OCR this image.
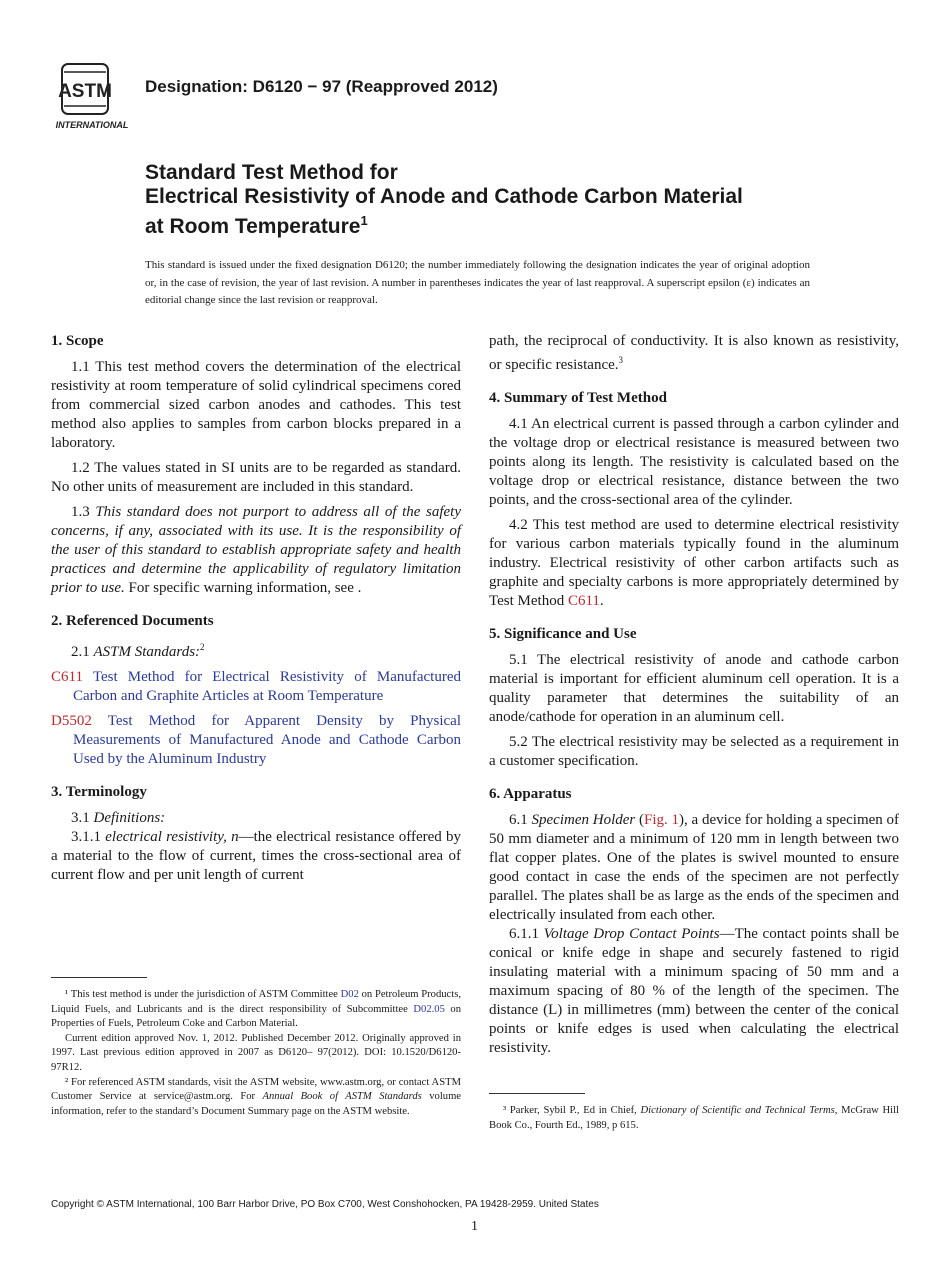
ASTM
INTERNATIONAL
Designation: D6120 − 97 (Reapproved 2012)
Standard Test Method for
Electrical Resistivity of Anode and Cathode Carbon Material
at Room Temperature$^1$
This standard is issued under the fixed designation D6120; the number immediately following the designation indicates the year of original adoption or, in the case of revision, the year of last revision. A number in parentheses indicates the year of last reapproval. A superscript epsilon (ε) indicates an editorial change since the last revision or reapproval.
1. Scope

1.1 This test method covers the determination of the electrical resistivity at room temperature of solid cylindrical specimens cored from commercial sized carbon anodes and cathodes. This test method also applies to samples from carbon blocks prepared in a laboratory.

1.2 The values stated in SI units are to be regarded as standard. No other units of measurement are included in this standard.

1.3 This standard does not purport to address all of the safety concerns, if any, associated with its use. It is the responsibility of the user of this standard to establish appropriate safety and health practices and determine the applicability of regulatory limitation prior to use. For specific warning information, see .

2. Referenced Documents

2.1 ASTM Standards:$^2$

C611 Test Method for Electrical Resistivity of Manufactured Carbon and Graphite Articles at Room Temperature

D5502 Test Method for Apparent Density by Physical Measurements of Manufactured Anode and Cathode Carbon Used by the Aluminum Industry

3. Terminology

3.1 Definitions:

3.1.1 electrical resistivity, n—the electrical resistance offered by a material to the flow of current, times the cross-sectional area of current flow and per unit length of current

¹ This test method is under the jurisdiction of ASTM Committee D02 on Petroleum Products, Liquid Fuels, and Lubricants and is the direct responsibility of Subcommittee D02.05 on Properties of Fuels, Petroleum Coke and Carbon Material.

Current edition approved Nov. 1, 2012. Published December 2012. Originally approved in 1997. Last previous edition approved in 2007 as D6120– 97(2012). DOI: 10.1520/D6120-97R12.

² For referenced ASTM standards, visit the ASTM website, www.astm.org, or contact ASTM Customer Service at service@astm.org. For Annual Book of ASTM Standards volume information, refer to the standard’s Document Summary page on the ASTM website.

path, the reciprocal of conductivity. It is also known as resistivity, or specific resistance.$^3$

4. Summary of Test Method

4.1 An electrical current is passed through a carbon cylinder and the voltage drop or electrical resistance is measured between two points along its length. The resistivity is calculated based on the voltage drop or electrical resistance, distance between the two points, and the cross-sectional area of the cylinder.

4.2 This test method are used to determine electrical resistivity for various carbon materials typically found in the aluminum industry. Electrical resistivity of other carbon artifacts such as graphite and specialty carbons is more appropriately determined by Test Method C611.

5. Significance and Use

5.1 The electrical resistivity of anode and cathode carbon material is important for efficient aluminum cell operation. It is a quality parameter that determines the suitability of an anode/cathode for operation in an aluminum cell.

5.2 The electrical resistivity may be selected as a requirement in a customer specification.

6. Apparatus

6.1 Specimen Holder (Fig. 1), a device for holding a specimen of 50 mm diameter and a minimum of 120 mm in length between two flat copper plates. One of the plates is swivel mounted to ensure good contact in case the ends of the specimen are not perfectly parallel. The plates shall be as large as the ends of the specimen and electrically insulated from each other.

6.1.1 Voltage Drop Contact Points—The contact points shall be conical or knife edge in shape and securely fastened to rigid insulating material with a minimum spacing of 50 mm and a maximum spacing of 80 % of the length of the specimen. The distance (L) in millimetres (mm) between the center of the conical points or knife edges is used when calculating the electrical resistivity.

³ Parker, Sybil P., Ed in Chief, Dictionary of Scientific and Technical Terms, McGraw Hill Book Co., Fourth Ed., 1989, p 615.

Copyright © ASTM International, 100 Barr Harbor Drive, PO Box C700, West Conshohocken, PA 19428-2959. United States
1
